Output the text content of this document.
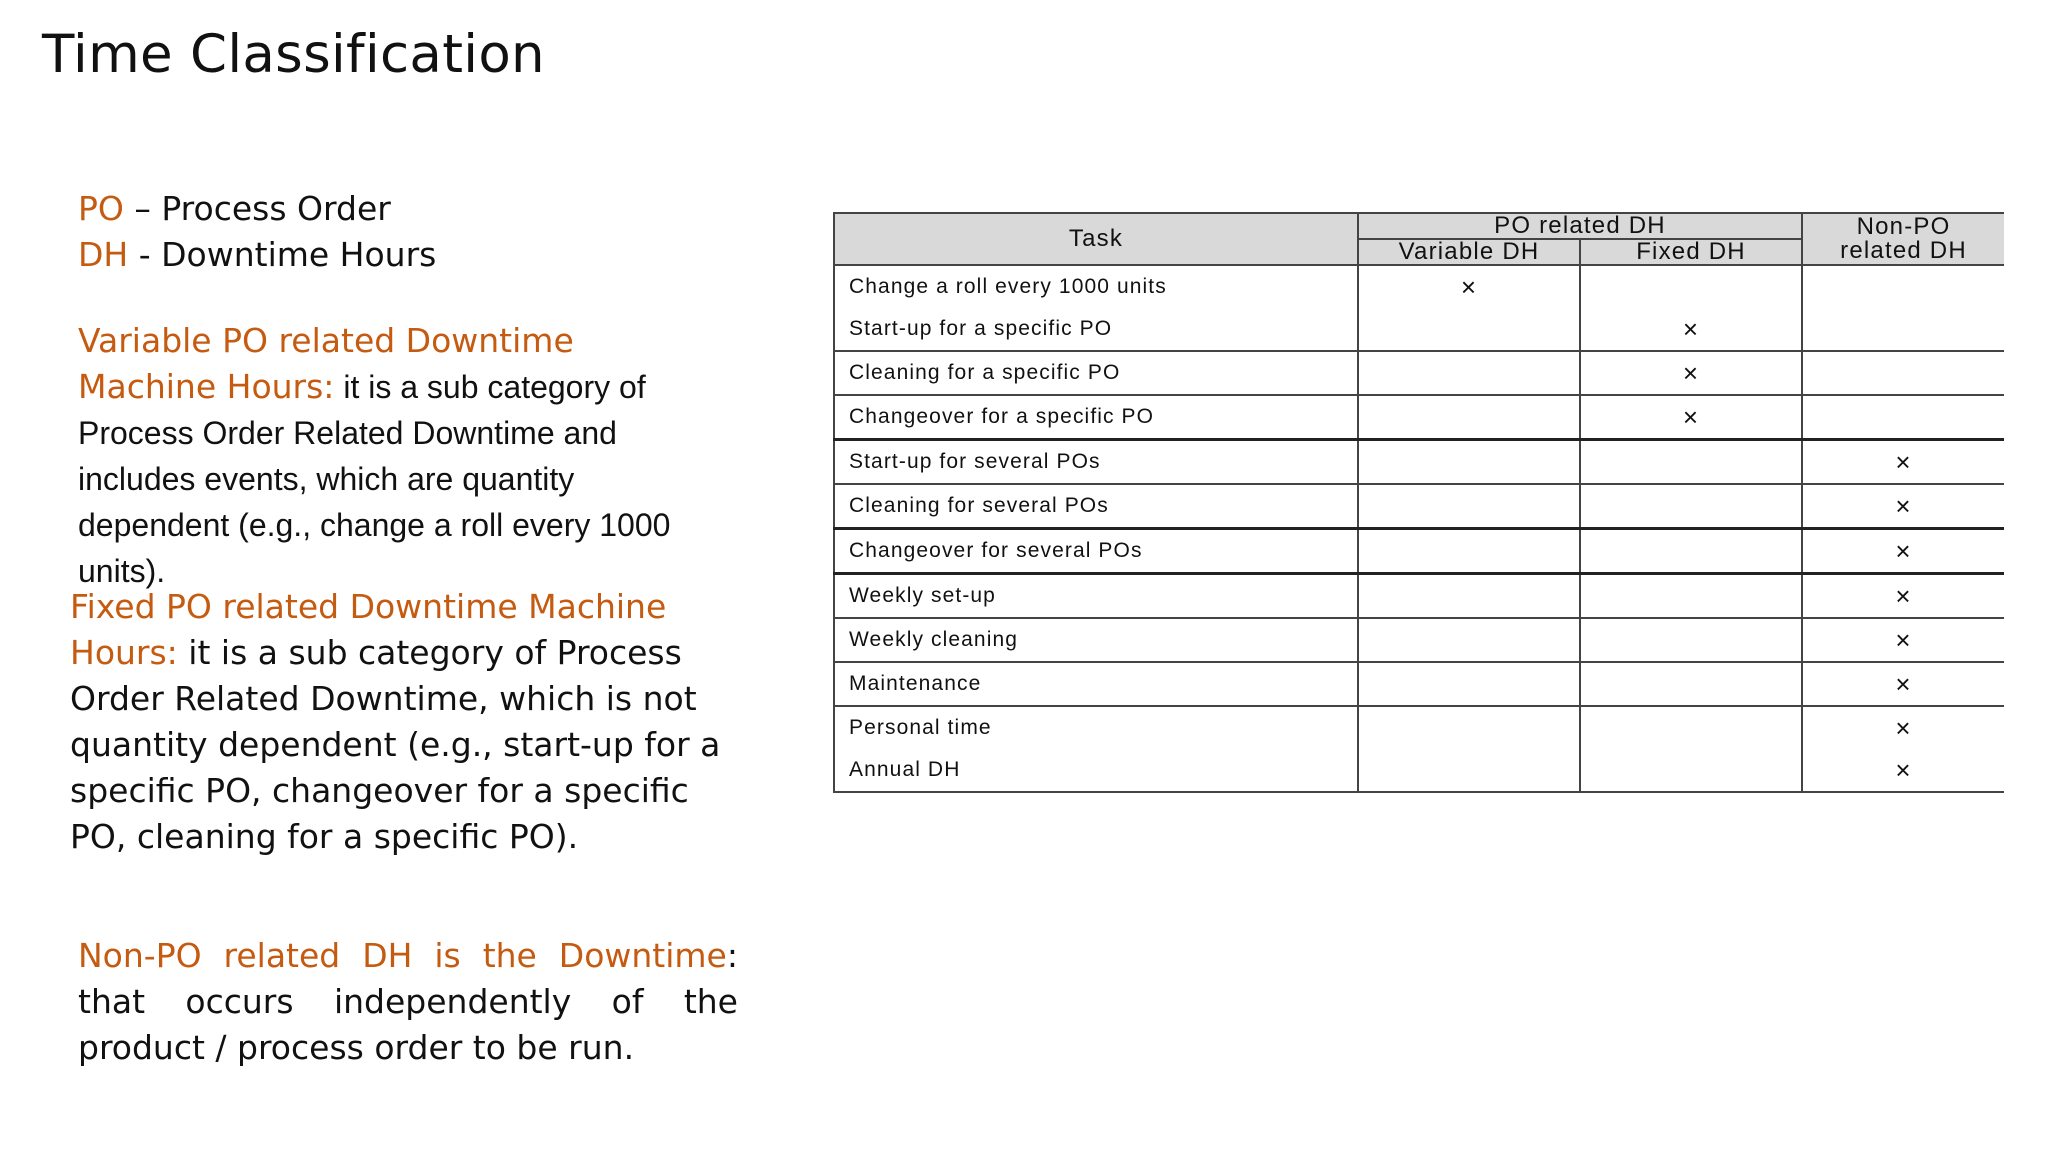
Time Classification
PO – Process Order
DH - Downtime Hours
Variable PO related Downtime Machine Hours: it is a sub category of Process Order Related Downtime and includes events, which are quantity dependent (e.g., change a roll every 1000 units).
Fixed PO related Downtime Machine Hours: it is a sub category of Process Order Related Downtime, which is not quantity dependent (e.g., start-up for a specific PO, changeover for a specific PO, cleaning for a specific PO).
Non-PO related DH is the Downtime: that occurs independently of the product / process order to be run.
Task	PO related DH		Non-PO
related DH

	Variable DH	Fixed DH	
Change a roll every 1000 units	×		
Start-up for a specific PO		×	
Cleaning for a specific PO		×	
Changeover for a specific PO		×	
Start-up for several POs			×
Cleaning for several POs			×
Changeover for several POs			×
Weekly set-up			×
Weekly cleaning			×
Maintenance			×
Personal time			×
Annual DH			×
